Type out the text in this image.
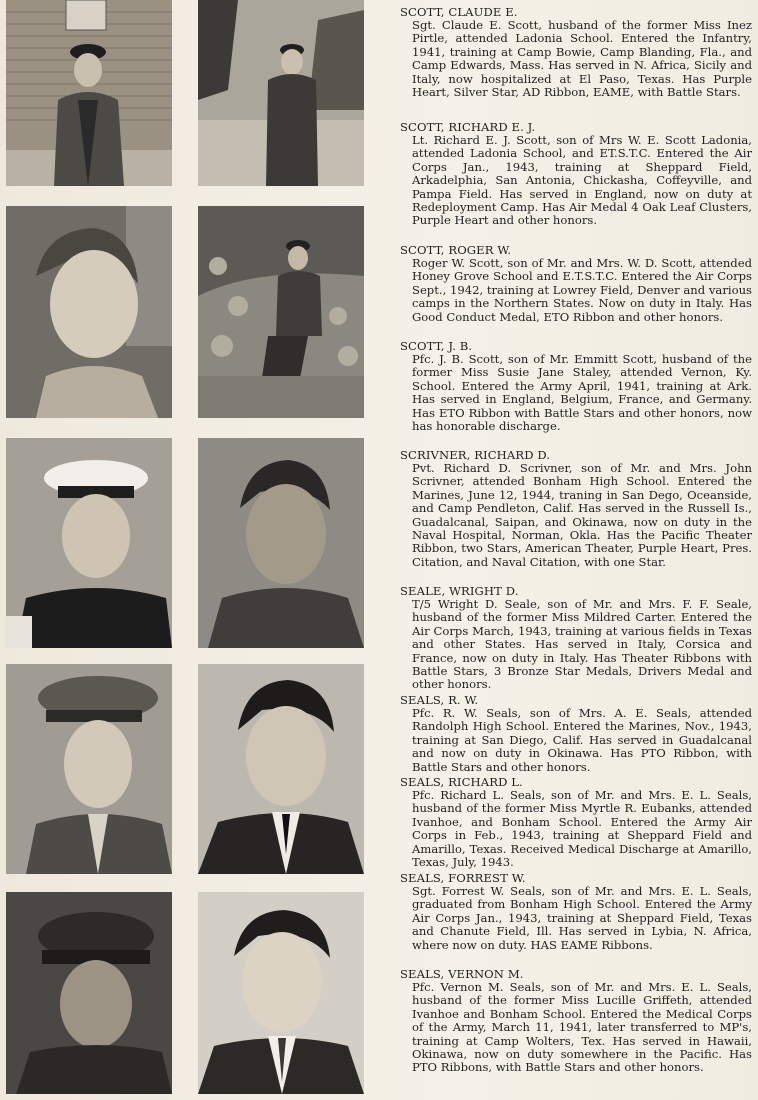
SCOTT, CLAUDE E.

Sgt. Claude E. Scott, husband of the former Miss Inez Pirtle, attended Ladonia School. Entered the Infantry, 1941, training at Camp Bowie, Camp Blanding, Fla., and Camp Edwards, Mass. Has served in N. Africa, Sicily and Italy, now hospitalized at El Paso, Texas. Has Purple Heart, Silver Star, AD Ribbon, EAME, with Battle Stars.

SCOTT, RICHARD E. J.

Lt. Richard E. J. Scott, son of Mrs W. E. Scott Ladonia, attended Ladonia School, and ET.S.T.C. Entered the Air Corps Jan., 1943, training at Sheppard Field, Arkadelphia, San Antonia, Chickasha, Coffeyville, and Pampa Field. Has served in England, now on duty at Redeployment Camp. Has Air Medal 4 Oak Leaf Clusters, Purple Heart and other honors.

SCOTT, ROGER W.

Roger W. Scott, son of Mr. and Mrs. W. D. Scott, attended Honey Grove School and E.T.S.T.C. Entered the Air Corps Sept., 1942, training at Lowrey Field, Denver and various camps in the Northern States. Now on duty in Italy. Has Good Conduct Medal, ETO Ribbon and other honors.

SCOTT, J. B.

Pfc. J. B. Scott, son of Mr. Emmitt Scott, husband of the former Miss Susie Jane Staley, attended Vernon, Ky. School. Entered the Army April, 1941, training at Ark. Has served in England, Belgium, France, and Germany. Has ETO Ribbon with Battle Stars and other honors, now has honorable discharge.

SCRIVNER, RICHARD D.

Pvt. Richard D. Scrivner, son of Mr. and Mrs. John Scrivner, attended Bonham High School. Entered the Marines, June 12, 1944, traning in San Dego, Oceanside, and Camp Pendleton, Calif. Has served in the Russell Is., Guadalcanal, Saipan, and Okinawa, now on duty in the Naval Hospital, Norman, Okla. Has the Pacific Theater Ribbon, two Stars, American Theater, Purple Heart, Pres. Citation, and Naval Citation, with one Star.

SEALE, WRIGHT D.

T/5 Wright D. Seale, son of Mr. and Mrs. F. F. Seale, husband of the former Miss Mildred Carter. Entered the Air Corps March, 1943, training at various fields in Texas and other States. Has served in Italy, Corsica and France, now on duty in Italy. Has Theater Ribbons with Battle Stars, 3 Bronze Star Medals, Drivers Medal and other honors.

SEALS, R. W.

Pfc. R. W. Seals, son of Mrs. A. E. Seals, attended Randolph High School. Entered the Marines, Nov., 1943, training at San Diego, Calif. Has served in Guadalcanal and now on duty in Okinawa. Has PTO Ribbon, with Battle Stars and other honors.

SEALS, RICHARD L.

Pfc. Richard L. Seals, son of Mr. and Mrs. E. L. Seals, husband of the former Miss Myrtle R. Eubanks, attended Ivanhoe, and Bonham School. Entered the Army Air Corps in Feb., 1943, training at Sheppard Field and Amarillo, Texas. Received Medical Discharge at Amarillo, Texas, July, 1943.

SEALS, FORREST W.

Sgt. Forrest W. Seals, son of Mr. and Mrs. E. L. Seals, graduated from Bonham High School. Entered the Army Air Corps Jan., 1943, training at Sheppard Field, Texas and Chanute Field, Ill. Has served in Lybia, N. Africa, where now on duty. HAS EAME Ribbons.

SEALS, VERNON M.

Pfc. Vernon M. Seals, son of Mr. and Mrs. E. L. Seals, husband of the former Miss Lucille Griffeth, attended Ivanhoe and Bonham School. Entered the Medical Corps of the Army, March 11, 1941, later transferred to MP's, training at Camp Wolters, Tex. Has served in Hawaii, Okinawa, now on duty somewhere in the Pacific. Has PTO Ribbons, with Battle Stars and other honors.
